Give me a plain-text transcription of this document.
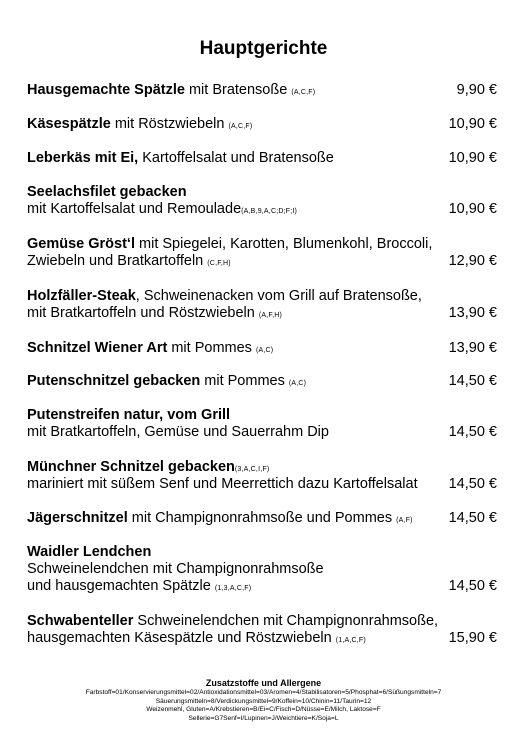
Hauptgerichte
Hausgemachte Spätzle mit Bratensoße (A,C,F)	9,90 €
Käsespätzle mit Röstzwiebeln (A,C,F)	10,90 €
Leberkäs mit Ei, Kartoffelsalat und Bratensoße	10,90 €
Seelachsfilet gebacken
mit Kartoffelsalat und Remoulade(A,B,9,A,C;D;F;I)	10,90 €
Gemüse Gröst‘l mit Spiegelei, Karotten, Blumenkohl, Broccoli,
Zwiebeln und Bratkartoffeln (C,F,H)	12,90 €
Holzfäller-Steak, Schweinenacken vom Grill auf Bratensoße,
mit Bratkartoffeln und Röstzwiebeln (A,F,H)	13,90 €
Schnitzel Wiener Art mit Pommes (A,C)	13,90 €
Putenschnitzel gebacken mit Pommes (A,C)	14,50 €
Putenstreifen natur, vom Grill
mit Bratkartoffeln, Gemüse und Sauerrahm Dip	14,50 €
Münchner Schnitzel gebacken(3,A,C,I,F)
mariniert mit süßem Senf und Meerrettich dazu Kartoffelsalat	14,50 €
Jägerschnitzel mit Champignonrahmsoße und Pommes (A,F)	14,50 €
Waidler Lendchen
Schweinelendchen mit Champignonrahmsoße
und hausgemachten Spätzle (1,3,A,C,F)	14,50 €
Schwabenteller Schweinelendchen mit Champignonrahmsoße,
hausgemachten Käsespätzle und Röstzwiebeln (1,A,C,F)	15,90 €
Zusatzstoffe und Allergene
Farbstoff=01/Konservierungsmittel=02/Antioxidationsmittel=03/Aromen=4/Stabilisatoren=5/Phosphat=6/Süßungsmitteln=7
Säuerungsmitteln=8/Verdickungsmittel=9/Koffein=10/Chinin=11/Taurin=12
Weizenmehl, Gluten=A/Krebstieren=B/Ei=C/Fisch=D/Nüsse=E/Milch, Laktose=F
Sellerie=G7Senf=I/Lupinen=J/Weichtiere=K/Soja=L
